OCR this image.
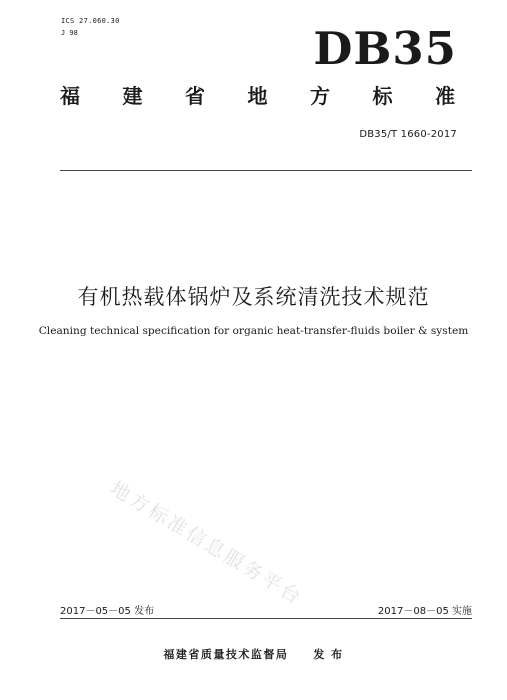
ICS 27.060.30
J 98	DB35
福 建 省 地 方 标 准
DB35/T 1660-2017
有机热载体锅炉及系统清洗技术规范
Cleaning technical specification for organic heat-transfer-fluids boiler & system
地方标准信息服务平台
2017－05－05 发布	2017－08－05 实施
福建省质量技术监督局　　发 布
